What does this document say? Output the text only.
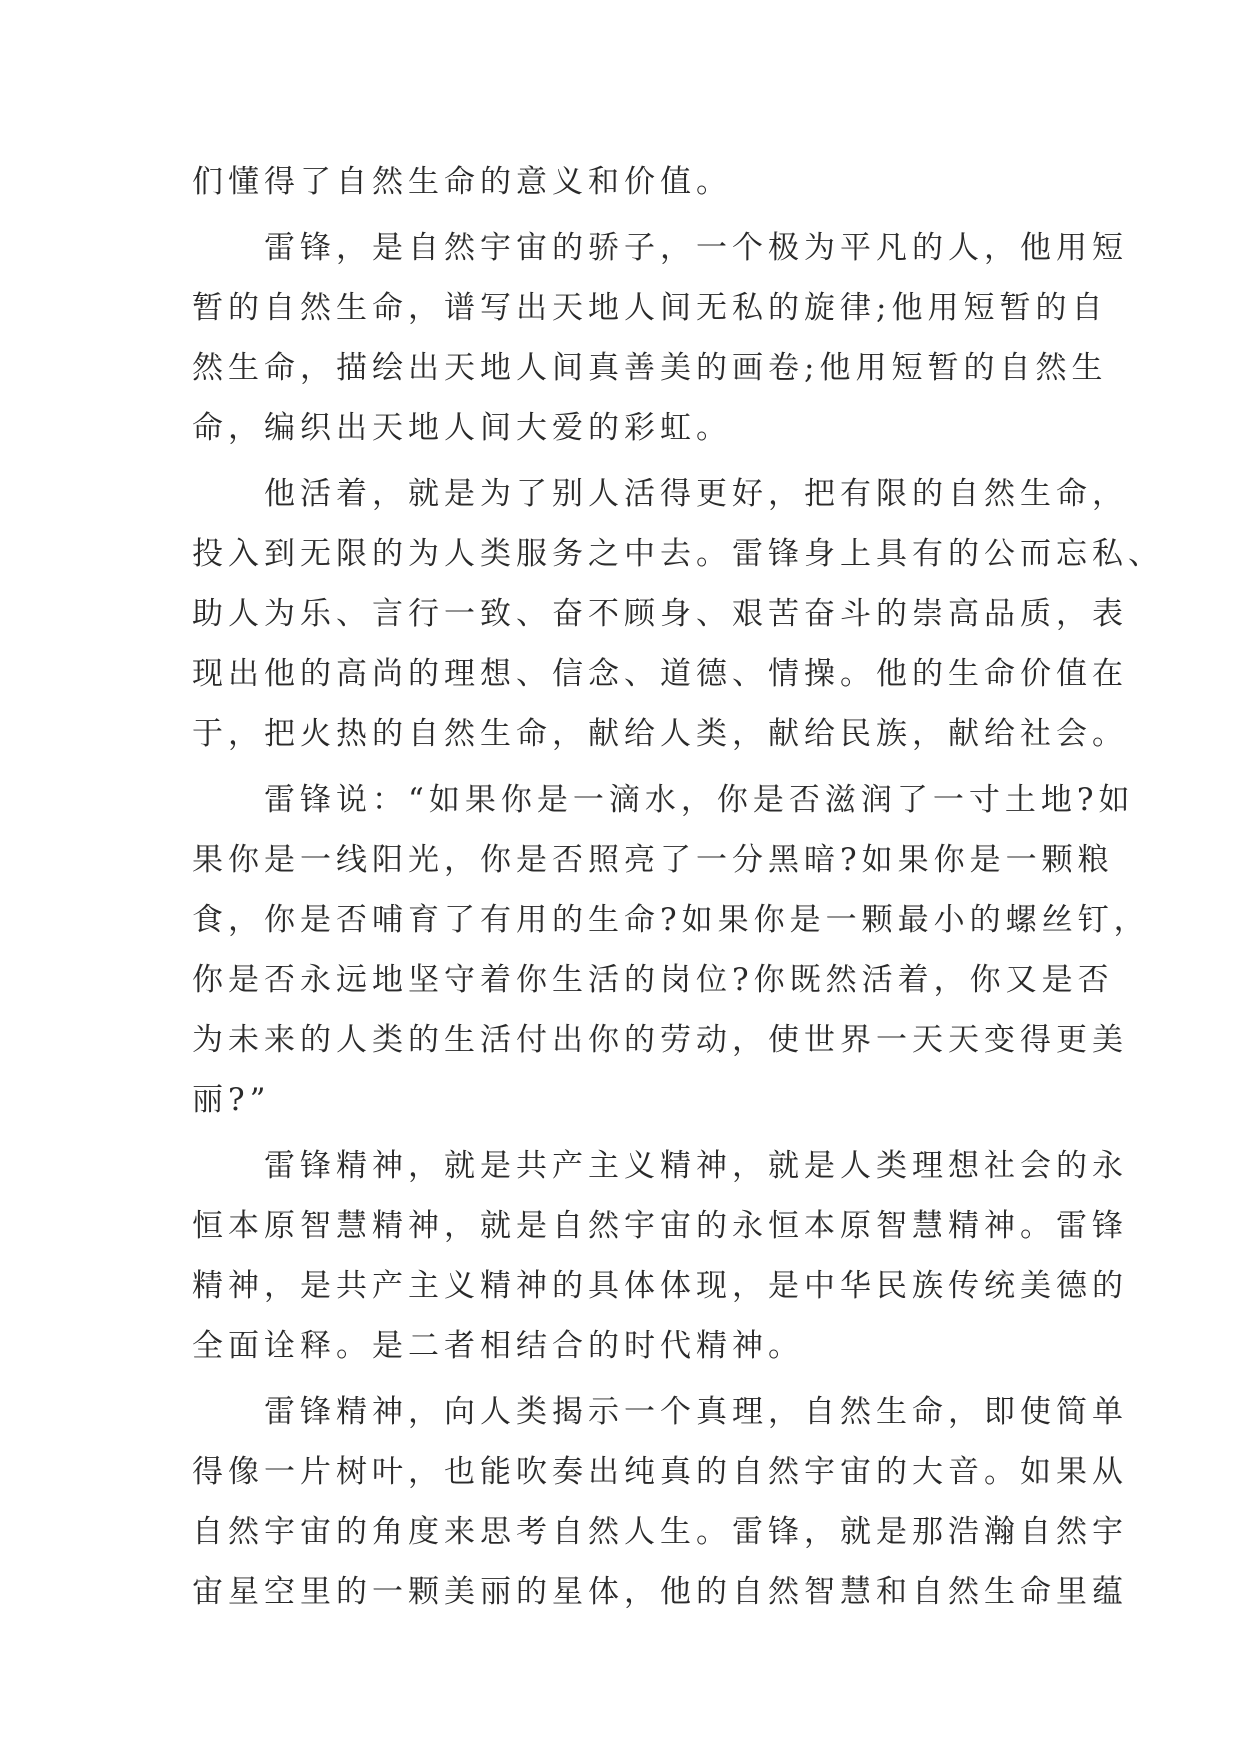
们懂得了自然生命的意义和价值。
　　雷锋，是自然宇宙的骄子，一个极为平凡的人，他用短
暂的自然生命，谱写出天地人间无私的旋律;他用短暂的自
然生命，描绘出天地人间真善美的画卷;他用短暂的自然生
命，编织出天地人间大爱的彩虹。
　　他活着，就是为了别人活得更好，把有限的自然生命，
投入到无限的为人类服务之中去。雷锋身上具有的公而忘私、
助人为乐、言行一致、奋不顾身、艰苦奋斗的崇高品质，表
现出他的高尚的理想、信念、道德、情操。他的生命价值在
于，把火热的自然生命，献给人类，献给民族，献给社会。
　　雷锋说：“如果你是一滴水，你是否滋润了一寸土地?如
果你是一线阳光，你是否照亮了一分黑暗?如果你是一颗粮
食，你是否哺育了有用的生命?如果你是一颗最小的螺丝钉，
你是否永远地坚守着你生活的岗位?你既然活着，你又是否
为未来的人类的生活付出你的劳动，使世界一天天变得更美
丽?”
　　雷锋精神，就是共产主义精神，就是人类理想社会的永
恒本原智慧精神，就是自然宇宙的永恒本原智慧精神。雷锋
精神，是共产主义精神的具体体现，是中华民族传统美德的
全面诠释。是二者相结合的时代精神。
　　雷锋精神，向人类揭示一个真理，自然生命，即使简单
得像一片树叶，也能吹奏出纯真的自然宇宙的大音。如果从
自然宇宙的角度来思考自然人生。雷锋，就是那浩瀚自然宇
宙星空里的一颗美丽的星体，他的自然智慧和自然生命里蕴
